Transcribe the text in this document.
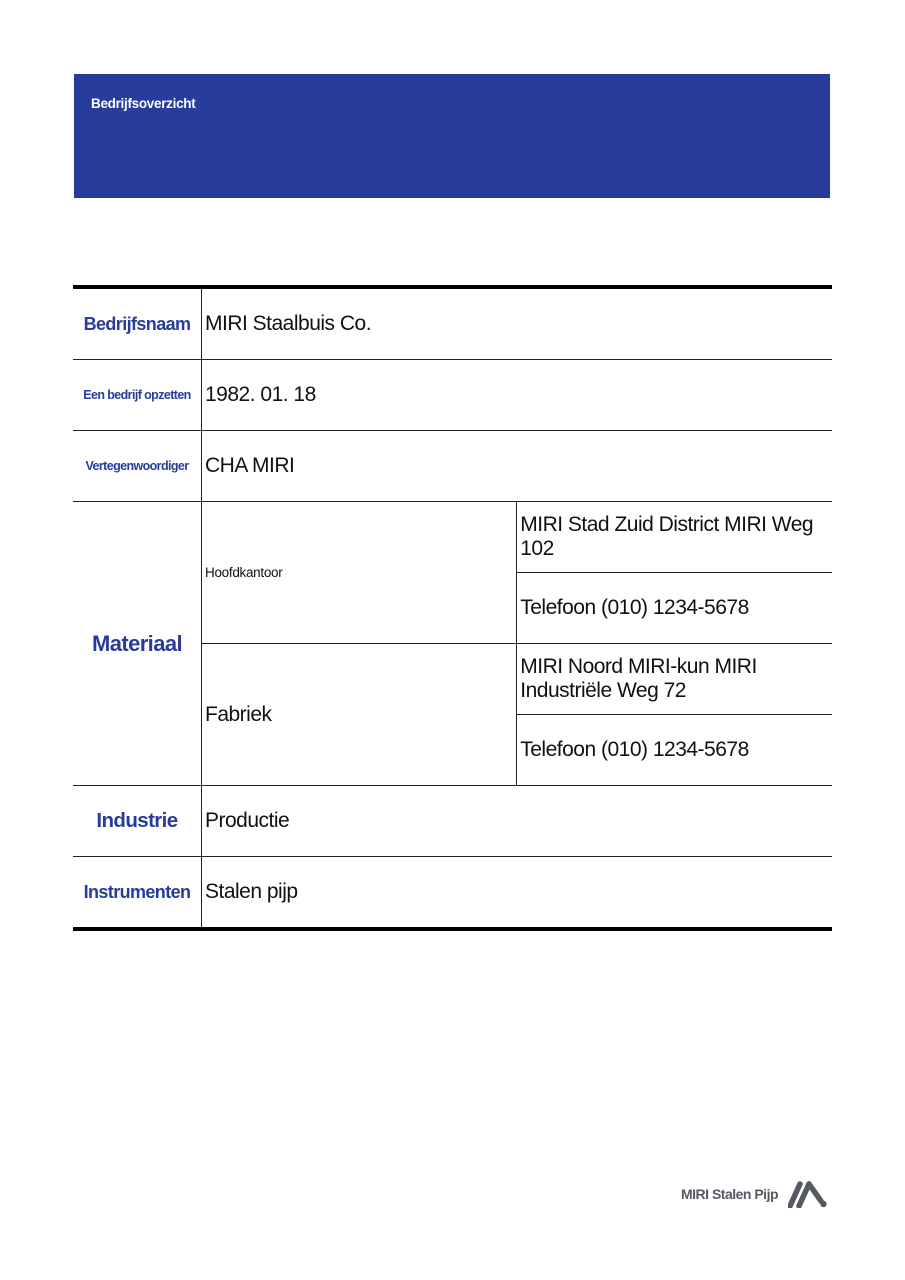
Bedrijfsoverzicht
Bedrijfsnaam	MIRI Staalbuis Co.	
Een bedrijf opzetten	1982. 01. 18	
Vertegenwoordiger	CHA MIRI	
Materiaal	Hoofdkantoor	MIRI Stad Zuid District MIRI Weg 102
		Telefoon (010) 1234-5678
	Fabriek	MIRI Noord MIRI-kun MIRI Industriële Weg 72
		Telefoon (010) 1234-5678
Industrie	Productie	
Instrumenten	Stalen pijp	
MIRI Stalen Pijp
